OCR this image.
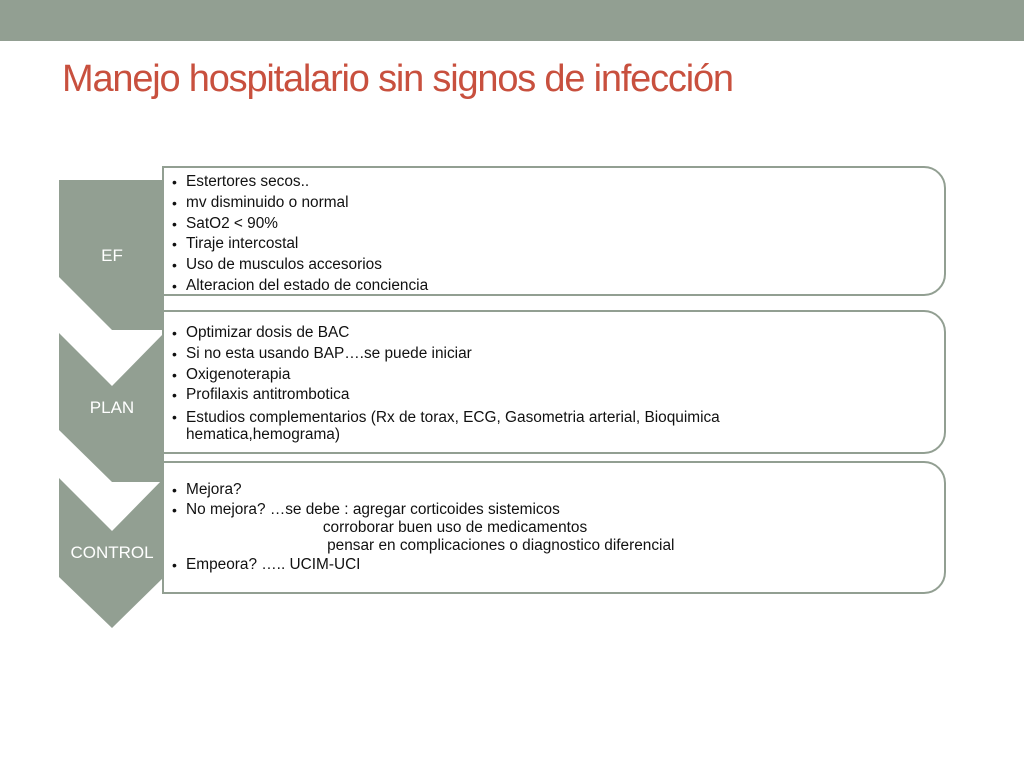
Manejo hospitalario sin signos de infección
EF
PLAN
CONTROL
• Estertores secos..
• mv disminuido o normal
• SatO2 < 90%
• Tiraje intercostal
• Uso de musculos accesorios
• Alteracion del estado de conciencia
• Optimizar dosis de BAC
• Si no esta usando BAP….se puede iniciar
• Oxigenoterapia
• Profilaxis antitrombotica
• Estudios complementarios (Rx de torax, ECG, Gasometria arterial, Bioquimica
hematica,hemograma)
• Mejora?
• No mejora? …se debe : agregar corticoides sistemicos
corroborar buen uso de medicamentos
pensar en complicaciones o diagnostico diferencial
• Empeora? ….. UCIM-UCI
